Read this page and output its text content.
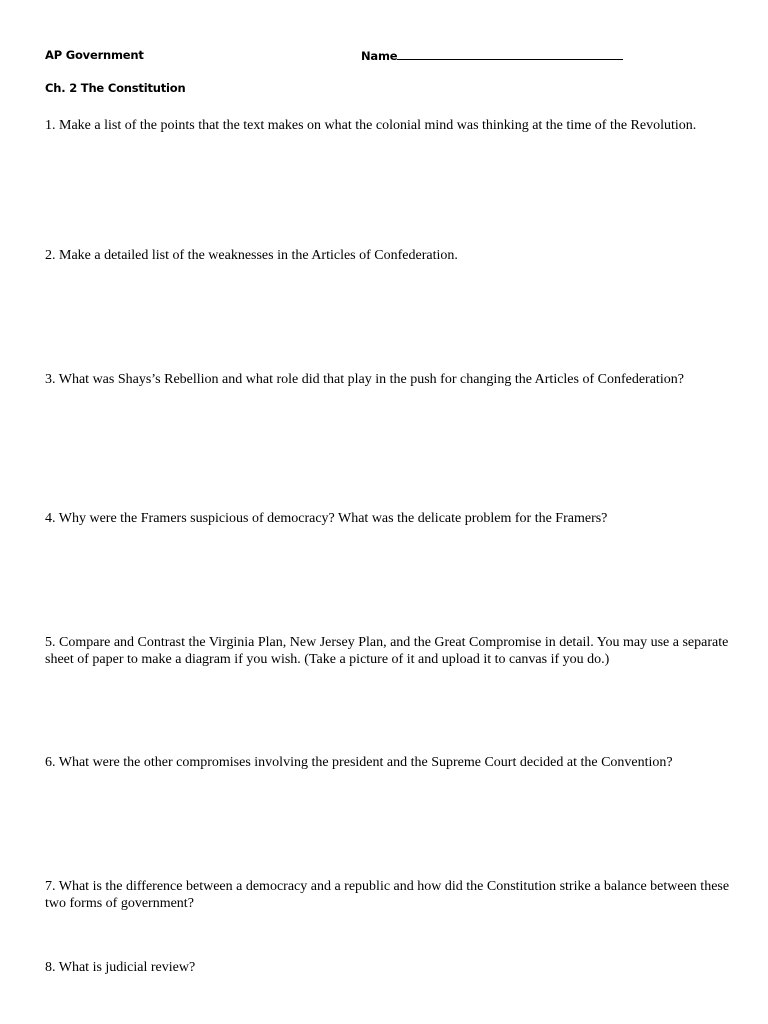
AP Government	Name
Ch. 2 The Constitution
1. Make a list of the points that the text makes on what the colonial mind was thinking at the time of the Revolution.
2. Make a detailed list of the weaknesses in the Articles of Confederation.
3. What was Shays’s Rebellion and what role did that play in the push for changing the Articles of Confederation?
4. Why were the Framers suspicious of democracy? What was the delicate problem for the Framers?
5. Compare and Contrast the Virginia Plan, New Jersey Plan, and the Great Compromise in detail. You may use a separate sheet of paper to make a diagram if you wish. (Take a picture of it and upload it to canvas if you do.)
6. What were the other compromises involving the president and the Supreme Court decided at the Convention?
7. What is the difference between a democracy and a republic and how did the Constitution strike a balance between these two forms of government?
8. What is judicial review?
